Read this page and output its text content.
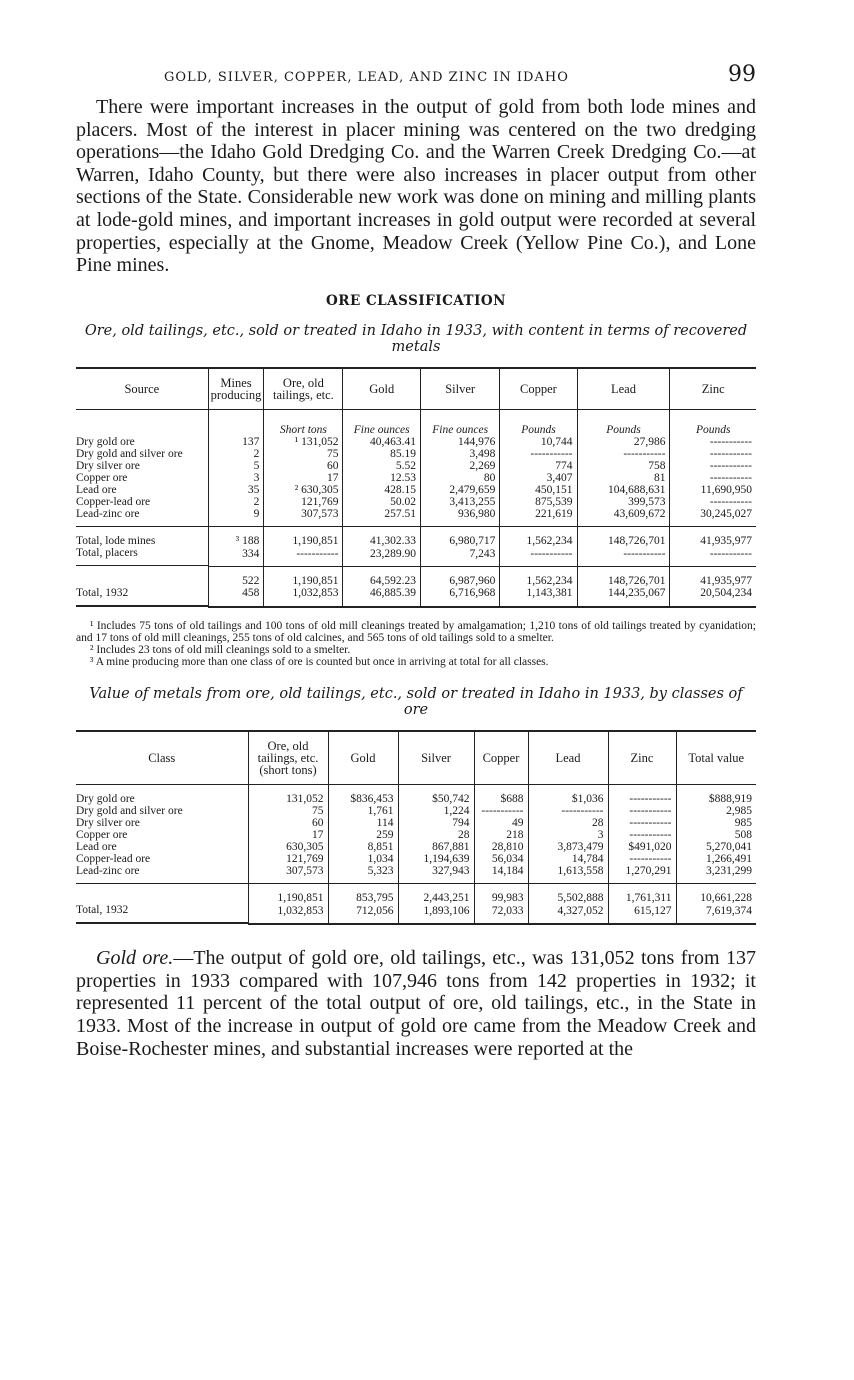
GOLD, SILVER, COPPER, LEAD, AND ZINC IN IDAHO	99

There were important increases in the output of gold from both lode mines and placers. Most of the interest in placer mining was centered on the two dredging operations—the Idaho Gold Dredging Co. and the Warren Creek Dredging Co.—at Warren, Idaho County, but there were also increases in placer output from other sections of the State. Considerable new work was done on mining and milling plants at lode-gold mines, and important increases in gold output were recorded at several properties, especially at the Gnome, Meadow Creek (Yellow Pine Co.), and Lone Pine mines.

ORE CLASSIFICATION

Ore, old tailings, etc., sold or treated in Idaho in 1933, with content in terms of recovered metals

Source	Mines producing	Ore, old tailings, etc.	Gold	Silver	Copper	Lead	Zinc
		Short tons	Fine ounces	Fine ounces	Pounds	Pounds	Pounds

Dry gold ore	137	¹ 131,052	40,463.41	144,976	10,744	27,986	-----------

Dry gold and silver ore	2	75	85.19	3,498	-----------	-----------	-----------

Dry silver ore	5	60	5.52	2,269	774	758	-----------

Copper ore	3	17	12.53	80	3,407	81	-----------

Lead ore	35	² 630,305	428.15	2,479,659	450,151	104,688,631	11,690,950

Copper-lead ore	2	121,769	50.02	3,413,255	875,539	399,573	-----------

Lead-zinc ore	9	307,573	257.51	936,980	221,619	43,609,672	30,245,027

Total, lode mines	³ 188	1,190,851	41,302.33	6,980,717	1,562,234	148,726,701	41,935,977

Total, placers	334	-----------	23,289.90	7,243	-----------	-----------	-----------
	522	1,190,851	64,592.23	6,987,960	1,562,234	148,726,701	41,935,977

Total, 1932	458	1,032,853	46,885.39	6,716,968	1,143,381	144,235,067	20,504,234

¹ Includes 75 tons of old tailings and 100 tons of old mill cleanings treated by amalgamation; 1,210 tons of old tailings treated by cyanidation; and 17 tons of old mill cleanings, 255 tons of old calcines, and 565 tons of old tailings sold to a smelter.

² Includes 23 tons of old mill cleanings sold to a smelter.

³ A mine producing more than one class of ore is counted but once in arriving at total for all classes.

Value of metals from ore, old tailings, etc., sold or treated in Idaho in 1933, by classes of ore

Class	Ore, old tailings, etc. (short tons)	Gold	Silver	Copper	Lead	Zinc	Total value

Dry gold ore	131,052	$836,453	$50,742	$688	$1,036	-----------	$888,919

Dry gold and silver ore	75	1,761	1,224	-----------	-----------	-----------	2,985

Dry silver ore	60	114	794	49	28	-----------	985

Copper ore	17	259	28	218	3	-----------	508

Lead ore	630,305	8,851	867,881	28,810	3,873,479	$491,020	5,270,041

Copper-lead ore	121,769	1,034	1,194,639	56,034	14,784	-----------	1,266,491

Lead-zinc ore	307,573	5,323	327,943	14,184	1,613,558	1,270,291	3,231,299
	1,190,851	853,795	2,443,251	99,983	5,502,888	1,761,311	10,661,228

Total, 1932	1,032,853	712,056	1,893,106	72,033	4,327,052	615,127	7,619,374

Gold ore.—The output of gold ore, old tailings, etc., was 131,052 tons from 137 properties in 1933 compared with 107,946 tons from 142 properties in 1932; it represented 11 percent of the total output of ore, old tailings, etc., in the State in 1933. Most of the increase in output of gold ore came from the Meadow Creek and Boise-Rochester mines, and substantial increases were reported at the
